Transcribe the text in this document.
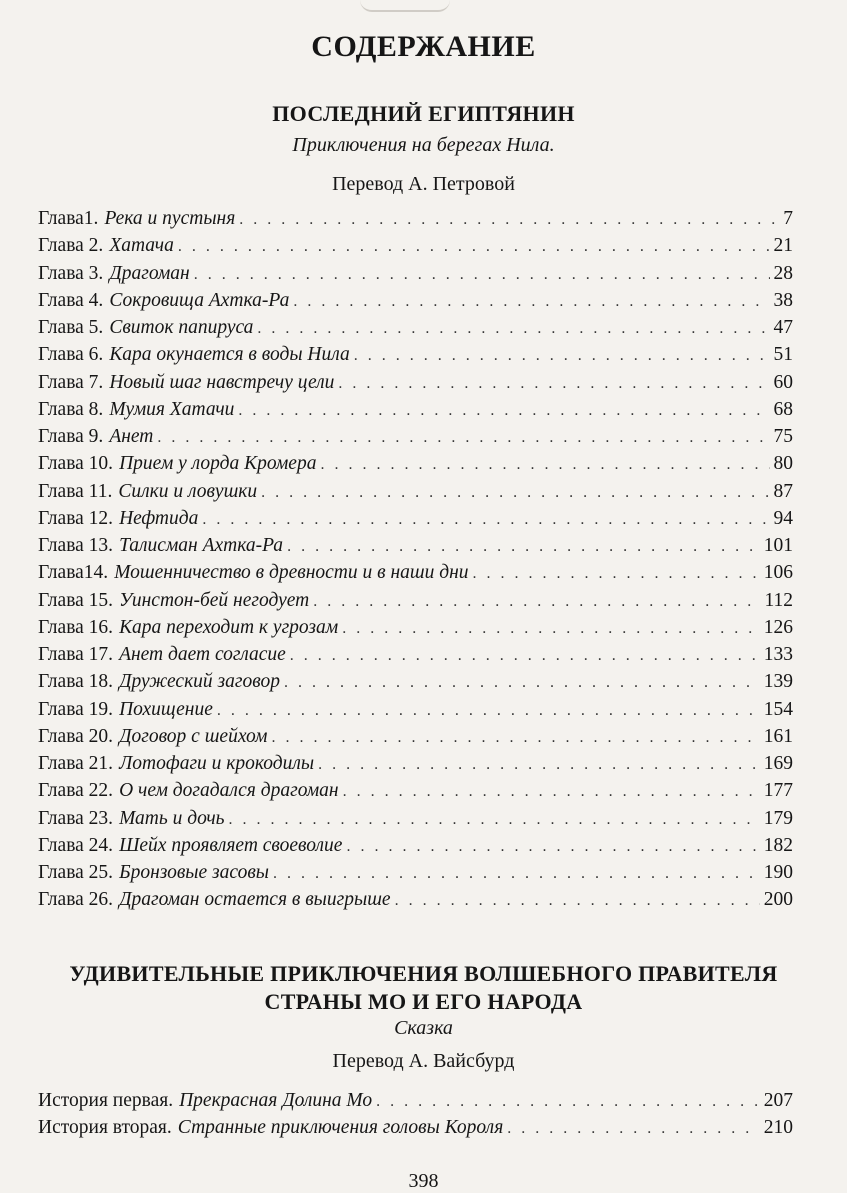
СОДЕРЖАНИЕ
ПОСЛЕДНИЙ ЕГИПТЯНИН
Приключения на берегах Нила.
Перевод А. Петровой
Глава1. Река и пустыня . . .	7
Глава 2. Хатача . . .	21
Глава 3. Драгоман . . .	28
Глава 4. Сокровища Ахтка-Ра . . .	38
Глава 5. Свиток папируса . . .	47
Глава 6. Кара окунается в воды Нила . . .	51
Глава 7. Новый шаг навстречу цели . . .	60
Глава 8. Мумия Хатачи . . .	68
Глава 9. Анет . . .	75
Глава 10. Прием у лорда Кромера . . .	80
Глава 11. Силки и ловушки . . .	87
Глава 12. Нефтида . . .	94
Глава 13. Талисман Ахтка-Ра . . .	101
Глава14. Мошенничество в древности и в наши дни . . .	106
Глава 15. Уинстон-бей негодует . . .	112
Глава 16. Кара переходит к угрозам . . .	126
Глава 17. Анет дает согласие . . .	133
Глава 18. Дружеский заговор . . .	139
Глава 19. Похищение . . .	154
Глава 20. Договор с шейхом . . .	161
Глава 21. Лотофаги и крокодилы . . .	169
Глава 22. О чем догадался драгоман . . .	177
Глава 23. Мать и дочь . . .	179
Глава 24. Шейх проявляет своеволие . . .	182
Глава 25. Бронзовые засовы . . .	190
Глава 26. Драгоман остается в выигрыше . . .	200
УДИВИТЕЛЬНЫЕ ПРИКЛЮЧЕНИЯ ВОЛШЕБНОГО ПРАВИТЕЛЯ
СТРАНЫ МО И ЕГО НАРОДА
Сказка
Перевод А. Вайсбурд
История первая. Прекрасная Долина Мо . . .	207
История вторая. Странные приключения головы Короля . . .	210
398
